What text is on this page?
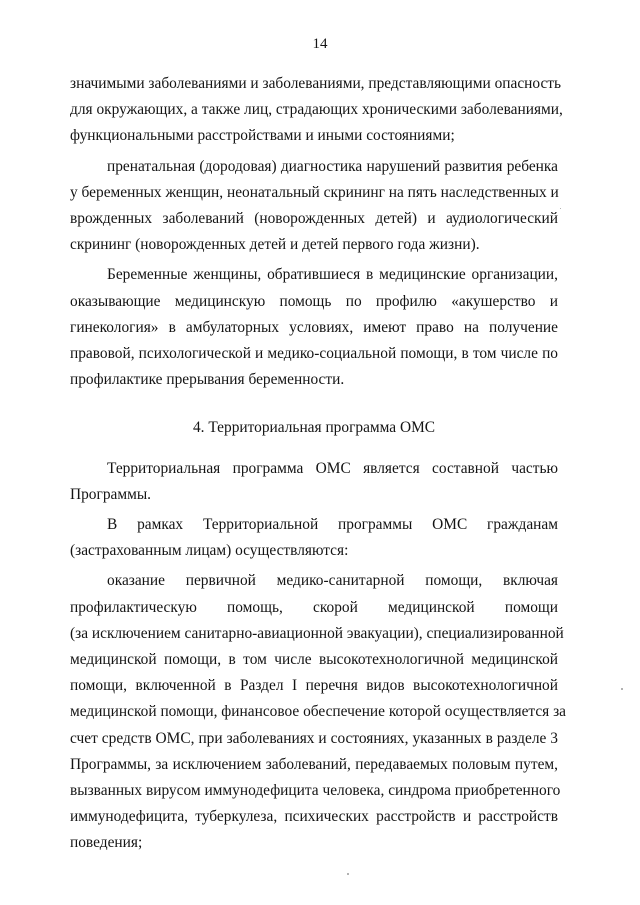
14
значимыми заболеваниями и заболеваниями, представляющими опасность
для окружающих, а также лиц, страдающих хроническими заболеваниями,
функциональными расстройствами и иными состояниями;
пренатальная (дородовая) диагностика нарушений развития ребенка
у беременных женщин, неонатальный скрининг на пять наследственных и
врожденных заболеваний (новорожденных детей) и аудиологический
скрининг (новорожденных детей и детей первого года жизни).
Беременные женщины, обратившиеся в медицинские организации,
оказывающие медицинскую помощь по профилю «акушерство и
гинекология» в амбулаторных условиях, имеют право на получение
правовой, психологической и медико-социальной помощи, в том числе по
профилактике прерывания беременности.
4. Территориальная программа ОМС
Территориальная программа ОМС является составной частью
Программы.
В рамках Территориальной программы ОМС гражданам
(застрахованным лицам) осуществляются:
оказание первичной медико-санитарной помощи, включая
профилактическую помощь, скорой медицинской помощи
(за исключением санитарно-авиационной эвакуации), специализированной
медицинской помощи, в том числе высокотехнологичной медицинской
помощи, включенной в Раздел I перечня видов высокотехнологичной
медицинской помощи, финансовое обеспечение которой осуществляется за
счет средств ОМС, при заболеваниях и состояниях, указанных в разделе 3
Программы, за исключением заболеваний, передаваемых половым путем,
вызванных вирусом иммунодефицита человека, синдрома приобретенного
иммунодефицита, туберкулеза, психических расстройств и расстройств
поведения;
